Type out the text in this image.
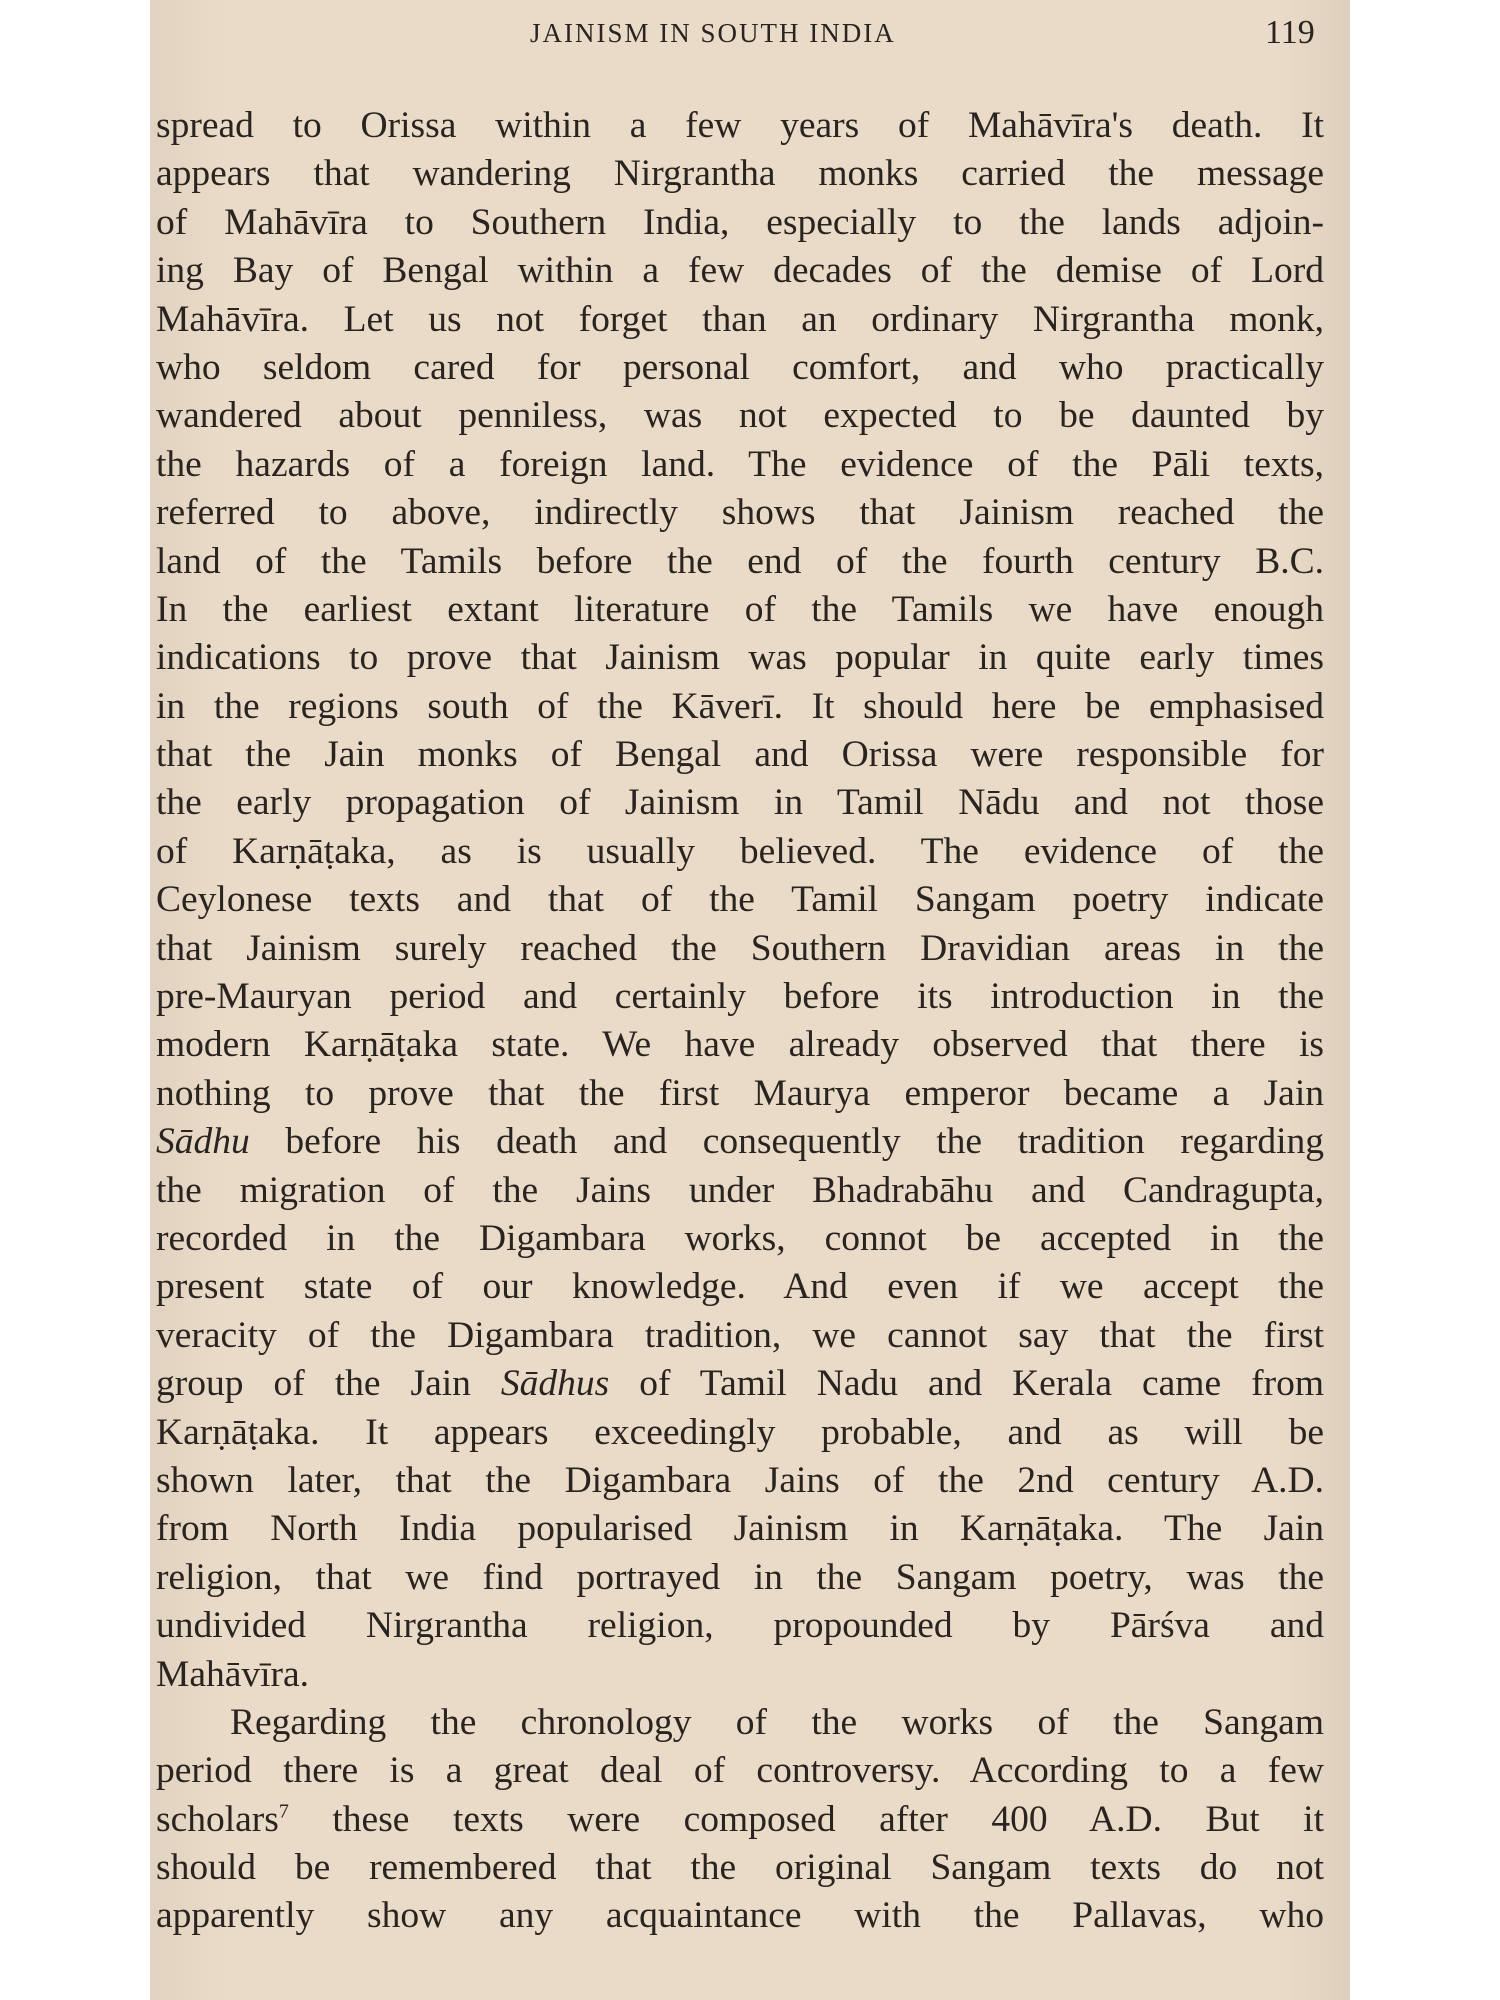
JAINISM IN SOUTH INDIA	119
spread to Orissa within a few years of Mahāvīra's death. It
appears that wandering Nirgrantha monks carried the message
of Mahāvīra to Southern India, especially to the lands adjoin-
ing Bay of Bengal within a few decades of the demise of Lord
Mahāvīra. Let us not forget than an ordinary Nirgrantha monk,
who seldom cared for personal comfort, and who practically
wandered about penniless, was not expected to be daunted by
the hazards of a foreign land. The evidence of the Pāli texts,
referred to above, indirectly shows that Jainism reached the
land of the Tamils before the end of the fourth century B.C.
In the earliest extant literature of the Tamils we have enough
indications to prove that Jainism was popular in quite early times
in the regions south of the Kāverī. It should here be emphasised
that the Jain monks of Bengal and Orissa were responsible for
the early propagation of Jainism in Tamil Nādu and not those
of Karṇāṭaka, as is usually believed. The evidence of the
Ceylonese texts and that of the Tamil Sangam poetry indicate
that Jainism surely reached the Southern Dravidian areas in the
pre-Mauryan period and certainly before its introduction in the
modern Karṇāṭaka state. We have already observed that there is
nothing to prove that the first Maurya emperor became a Jain
Sādhu before his death and consequently the tradition regarding
the migration of the Jains under Bhadrabāhu and Candragupta,
recorded in the Digambara works, connot be accepted in the
present state of our knowledge. And even if we accept the
veracity of the Digambara tradition, we cannot say that the first
group of the Jain Sādhus of Tamil Nadu and Kerala came from
Karṇāṭaka. It appears exceedingly probable, and as will be
shown later, that the Digambara Jains of the 2nd century A.D.
from North India popularised Jainism in Karṇāṭaka. The Jain
religion, that we find portrayed in the Sangam poetry, was the
undivided Nirgrantha religion, propounded by Pārśva and
Mahāvīra.
Regarding the chronology of the works of the Sangam
period there is a great deal of controversy. According to a few
scholars$^7$ these texts were composed after 400 A.D. But it
should be remembered that the original Sangam texts do not
apparently show any acquaintance with the Pallavas, who
